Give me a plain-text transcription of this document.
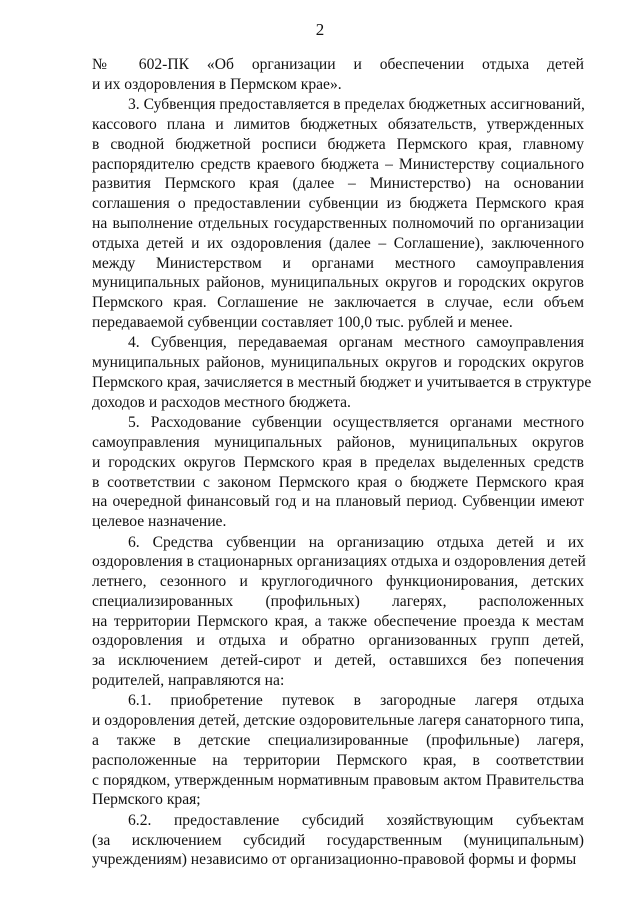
2
№ 602-ПК «Об организации и обеспечении отдыха детей
и их оздоровления в Пермском крае».
3. Субвенция предоставляется в пределах бюджетных ассигнований,
кассового плана и лимитов бюджетных обязательств, утвержденных
в сводной бюджетной росписи бюджета Пермского края, главному
распорядителю средств краевого бюджета – Министерству социального
развития Пермского края (далее – Министерство) на основании
соглашения о предоставлении субвенции из бюджета Пермского края
на выполнение отдельных государственных полномочий по организации
отдыха детей и их оздоровления (далее – Соглашение), заключенного
между Министерством и органами местного самоуправления
муниципальных районов, муниципальных округов и городских округов
Пермского края. Соглашение не заключается в случае, если объем
передаваемой субвенции составляет 100,0 тыс. рублей и менее.
4. Субвенция, передаваемая органам местного самоуправления
муниципальных районов, муниципальных округов и городских округов
Пермского края, зачисляется в местный бюджет и учитывается в структуре
доходов и расходов местного бюджета.
5. Расходование субвенции осуществляется органами местного
самоуправления муниципальных районов, муниципальных округов
и городских округов Пермского края в пределах выделенных средств
в соответствии с законом Пермского края о бюджете Пермского края
на очередной финансовый год и на плановый период. Субвенции имеют
целевое назначение.
6. Средства субвенции на организацию отдыха детей и их
оздоровления в стационарных организациях отдыха и оздоровления детей
летнего, сезонного и круглогодичного функционирования, детских
специализированных (профильных) лагерях, расположенных
на территории Пермского края, а также обеспечение проезда к местам
оздоровления и отдыха и обратно организованных групп детей,
за исключением детей-сирот и детей, оставшихся без попечения
родителей, направляются на:
6.1. приобретение путевок в загородные лагеря отдыха
и оздоровления детей, детские оздоровительные лагеря санаторного типа,
а также в детские специализированные (профильные) лагеря,
расположенные на территории Пермского края, в соответствии
с порядком, утвержденным нормативным правовым актом Правительства
Пермского края;
6.2. предоставление субсидий хозяйствующим субъектам
(за исключением субсидий государственным (муниципальным)
учреждениям) независимо от организационно-правовой формы и формы
